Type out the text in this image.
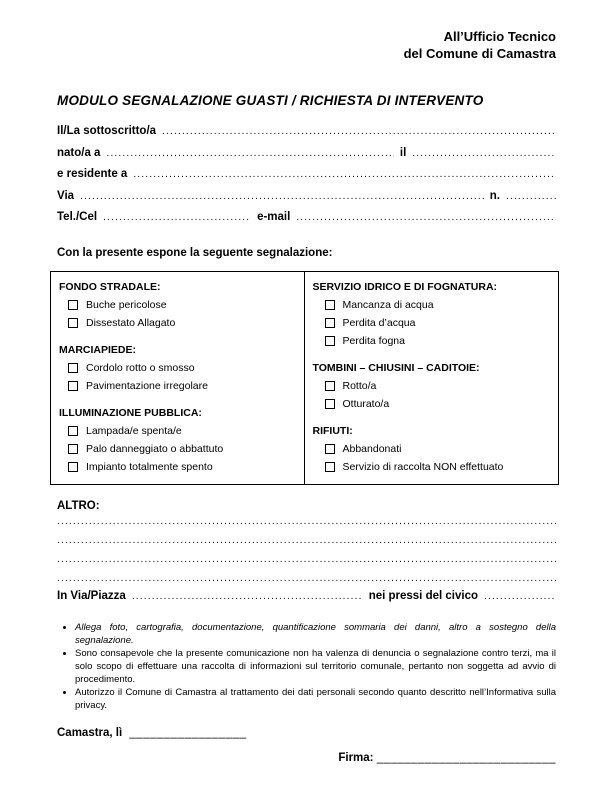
All’Ufficio Tecnico
del Comune di Camastra
MODULO SEGNALAZIONE GUASTI / RICHIESTA DI INTERVENTO
Il/La sottoscritto/a
.....
nato/a a .....	il
.....
e residente a
.....
Via .....	n.
.....
Tel./Cel .....	e-mail
.....
Con la presente espone la seguente segnalazione:
FONDO STRADALE:
Buche pericolose
Dissestato Allagato
MARCIAPIEDE:
Cordolo rotto o smosso
Pavimentazione irregolare
ILLUMINAZIONE PUBBLICA:
Lampada/e spenta/e
Palo danneggiato o abbattuto
Impianto totalmente spento
SERVIZIO IDRICO E DI FOGNATURA:
Mancanza di acqua
Perdita d’acqua
Perdita fogna
TOMBINI – CHIUSINI – CADITOIE:
Rotto/a
Otturato/a
RIFIUTI:
Abbandonati
Servizio di raccolta NON effettuato
ALTRO:
.....
.....
.....
.....
In Via/Piazza .....	nei pressi del civico
.....
• Allega foto, cartografia, documentazione, quantificazione sommaria dei danni, altro a sostegno della segnalazione.
• Sono consapevole che la presente comunicazione non ha valenza di denuncia o segnalazione contro terzi, ma il solo scopo di effettuare una raccolta di informazioni sul territorio comunale, pertanto non soggetta ad avvio di procedimento.
• Autorizzo il Comune di Camastra al trattamento dei dati personali secondo quanto descritto nell’Informativa sulla privacy.
Camastra, lì _________________
Firma: __________________________
